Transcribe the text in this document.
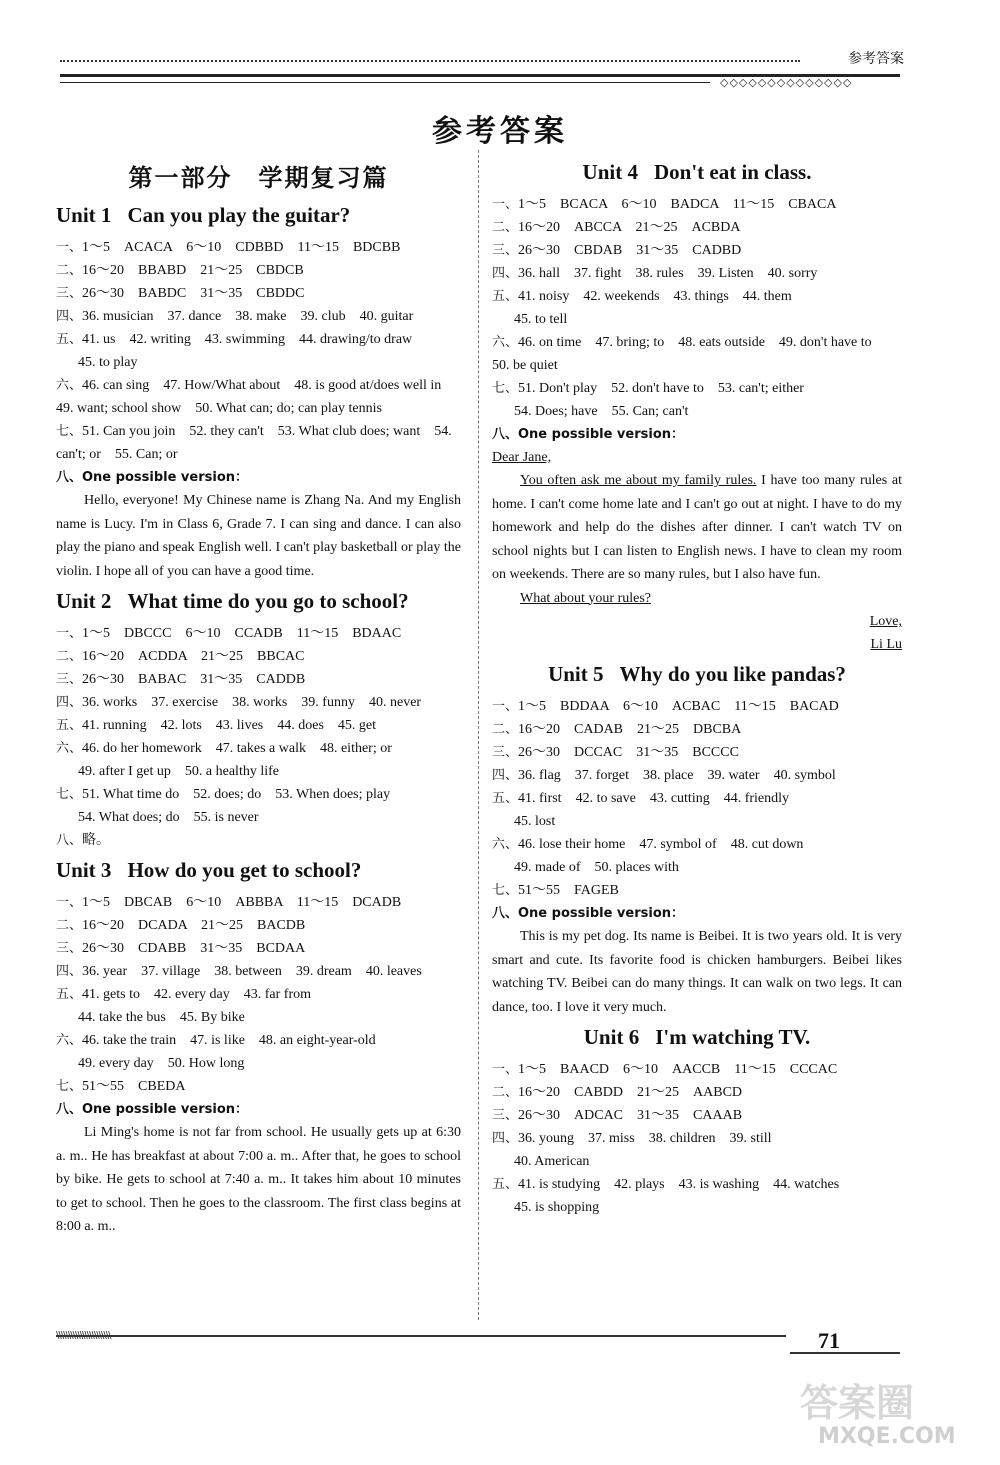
参考答案
◇◇◇◇◇◇◇◇◇◇◇◇◇◇
参考答案
第一部分　学期复习篇
Unit 1 Can you play the guitar?
一、1～5　ACACA　6～10　CDBBD　11～15　BDCBB
二、16～20　BBABD　21～25　CBDCB
三、26～30　BABDC　31～35　CBDDC
四、36. musician　37. dance　38. make　39. club　40. guitar
五、41. us　42. writing　43. swimming　44. drawing/to draw
45. to play
六、46. can sing　47. How/What about　48. is good at/does well in　49. want; school show　50. What can; do; can play tennis
七、51. Can you join　52. they can't　53. What club does; want　54. can't; or　55. Can; or
八、One possible version：

Hello, everyone! My Chinese name is Zhang Na. And my English name is Lucy. I'm in Class 6, Grade 7. I can sing and dance. I can also play the piano and speak English well. I can't play basketball or play the violin. I hope all of you can have a good time.

Unit 2 What time do you go to school?
一、1～5　DBCCC　6～10　CCADB　11～15　BDAAC
二、16～20　ACDDA　21～25　BBCAC
三、26～30　BABAC　31～35　CADDB
四、36. works　37. exercise　38. works　39. funny　40. never
五、41. running　42. lots　43. lives　44. does　45. get
六、46. do her homework　47. takes a walk　48. either; or
49. after I get up　50. a healthy life
七、51. What time do　52. does; do　53. When does; play
54. What does; do　55. is never
八、略。
Unit 3 How do you get to school?
一、1～5　DBCAB　6～10　ABBBA　11～15　DCADB
二、16～20　DCADA　21～25　BACDB
三、26～30　CDABB　31～35　BCDAA
四、36. year　37. village　38. between　39. dream　40. leaves
五、41. gets to　42. every day　43. far from
44. take the bus　45. By bike
六、46. take the train　47. is like　48. an eight-year-old
49. every day　50. How long
七、51～55　CBEDA
八、One possible version：

Li Ming's home is not far from school. He usually gets up at 6:30 a. m.. He has breakfast at about 7:00 a. m.. After that, he goes to school by bike. He gets to school at 7:40 a. m.. It takes him about 10 minutes to get to school. Then he goes to the classroom. The first class begins at 8:00 a. m..

Unit 4 Don't eat in class.
一、1～5　BCACA　6～10　BADCA　11～15　CBACA
二、16～20　ABCCA　21～25　ACBDA
三、26～30　CBDAB　31～35　CADBD
四、36. hall　37. fight　38. rules　39. Listen　40. sorry
五、41. noisy　42. weekends　43. things　44. them
45. to tell
六、46. on time　47. bring; to　48. eats outside　49. don't have to　50. be quiet
七、51. Don't play　52. don't have to　53. can't; either
54. Does; have　55. Can; can't
八、One possible version：
Dear Jane,

You often ask me about my family rules. I have too many rules at home. I can't come home late and I can't go out at night. I have to do my homework and help do the dishes after dinner. I can't watch TV on school nights but I can listen to English news. I have to clean my room on weekends. There are so many rules, but I also have fun.

What about your rules?

Love,
Li Lu
Unit 5 Why do you like pandas?
一、1～5　BDDAA　6～10　ACBAC　11～15　BACAD
二、16～20　CADAB　21～25　DBCBA
三、26～30　DCCAC　31～35　BCCCC
四、36. flag　37. forget　38. place　39. water　40. symbol
五、41. first　42. to save　43. cutting　44. friendly
45. lost
六、46. lose their home　47. symbol of　48. cut down
49. made of　50. places with
七、51～55　FAGEB
八、One possible version：

This is my pet dog. Its name is Beibei. It is two years old. It is very smart and cute. Its favorite food is chicken hamburgers. Beibei likes watching TV. Beibei can do many things. It can walk on two legs. It can dance, too. I love it very much.

Unit 6 I'm watching TV.
一、1～5　BAACD　6～10　AACCB　11～15　CCCAC
二、16～20　CABDD　21～25　AABCD
三、26～30　ADCAC　31～35　CAAAB
四、36. young　37. miss　38. children　39. still
40. American
五、41. is studying　42. plays　43. is washing　44. watches
45. is shopping
\\\\\\\\\\\\\\\\\\\\\\\	71
答案圈
MXQE.COM
